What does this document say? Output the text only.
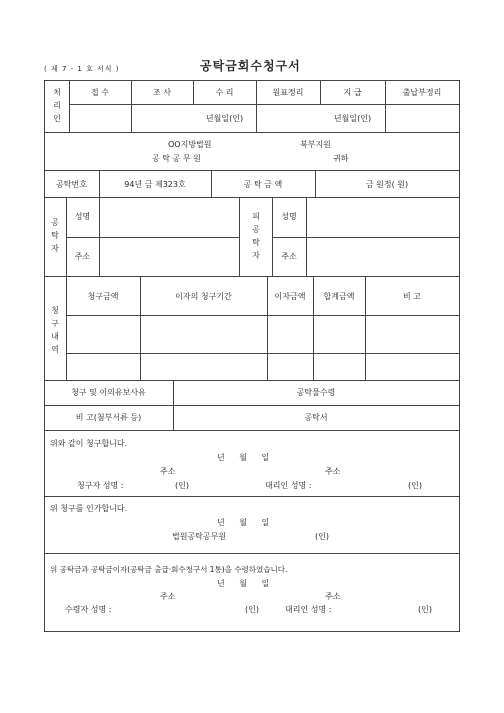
( 제 7 - 1 호 서식 )	공탁금회수청구서
처
리
인
접 수	조 사	수 리	원표정리	지 급	출납부정리
년월일(인)	년월일(인)
OO지방법원	북부지원
공 탁 공 무 원	귀하
공탁번호	94년 금 제323호	공 탁 금 액	금 원정( 원)
공
탁
자
성명
주소
피
공
탁
자
성명
주소
청
구
내
역
청구금액	이자의 청구기간	이자금액	합계금액	비 고
청구 및 이의유보사유	공탁물수령
비 고(첨부서류 등)	공탁서
위와 같이 청구합니다.
년 월 일
주소	주소
청구자 성명 :	(인)	대리인 성명 :	(인)
위 청구를 인가합니다.
년 월 일
법원공탁공무원	(인)
위 공탁금과 공탁금이자(공탁금 출급·회수청구서 1통)을 수령하였습니다.
년 월 일
주소	주소
수령자 성명 :	(인)	대리인 성명 :	(인)
